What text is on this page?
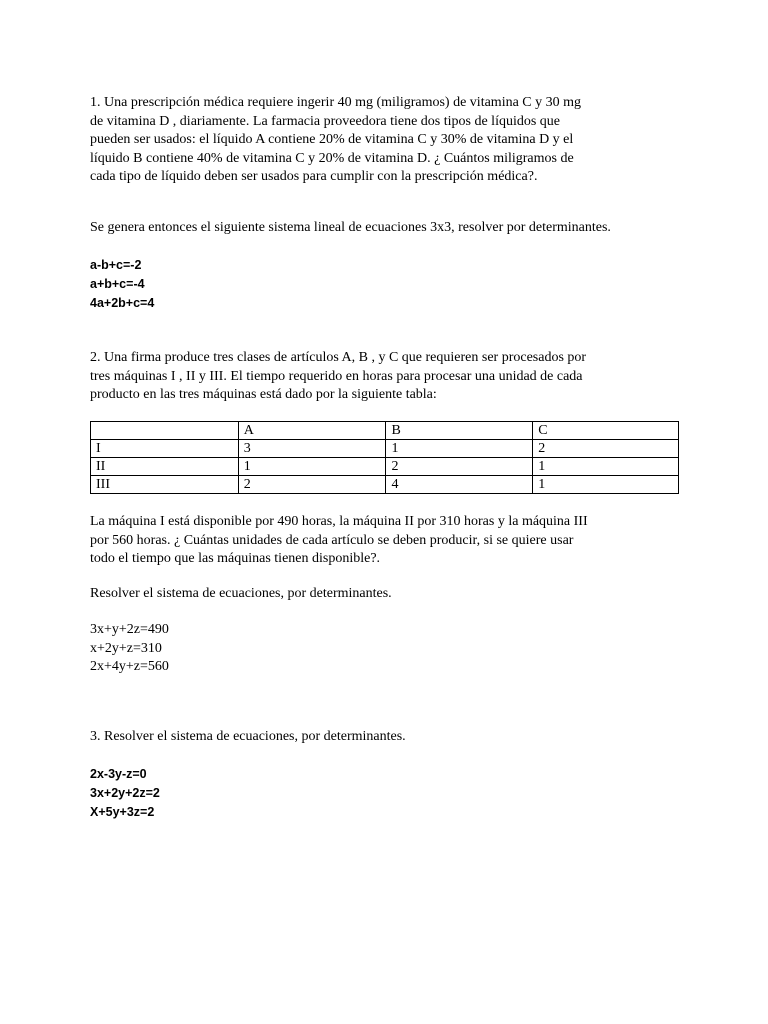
1. Una prescripción médica requiere ingerir 40 mg (miligramos) de vitamina C y 30 mg
de vitamina D , diariamente. La farmacia proveedora tiene dos tipos de líquidos que
pueden ser usados: el líquido A contiene 20% de vitamina C y 30% de vitamina D y el
líquido B contiene 40% de vitamina C y 20% de vitamina D. ¿ Cuántos miligramos de
cada tipo de líquido deben ser usados para cumplir con la prescripción médica?.
Se genera entonces el siguiente sistema lineal de ecuaciones 3x3, resolver por determinantes.
a-b+c=-2
a+b+c=-4
4a+2b+c=4
2. Una firma produce tres clases de artículos A, B , y C que requieren ser procesados por
tres máquinas I , II y III. El tiempo requerido en horas para procesar una unidad de cada
producto en las tres máquinas está dado por la siguiente tabla:
	A	B	C
I	3	1	2
II	1	2	1
III	2	4	1
La máquina I está disponible por 490 horas, la máquina II por 310 horas y la máquina III
por 560 horas. ¿ Cuántas unidades de cada artículo se deben producir, si se quiere usar
todo el tiempo que las máquinas tienen disponible?.
Resolver el sistema de ecuaciones, por determinantes.
3x+y+2z=490
x+2y+z=310
2x+4y+z=560
3. Resolver el sistema de ecuaciones, por determinantes.
2x-3y-z=0
3x+2y+2z=2
X+5y+3z=2
